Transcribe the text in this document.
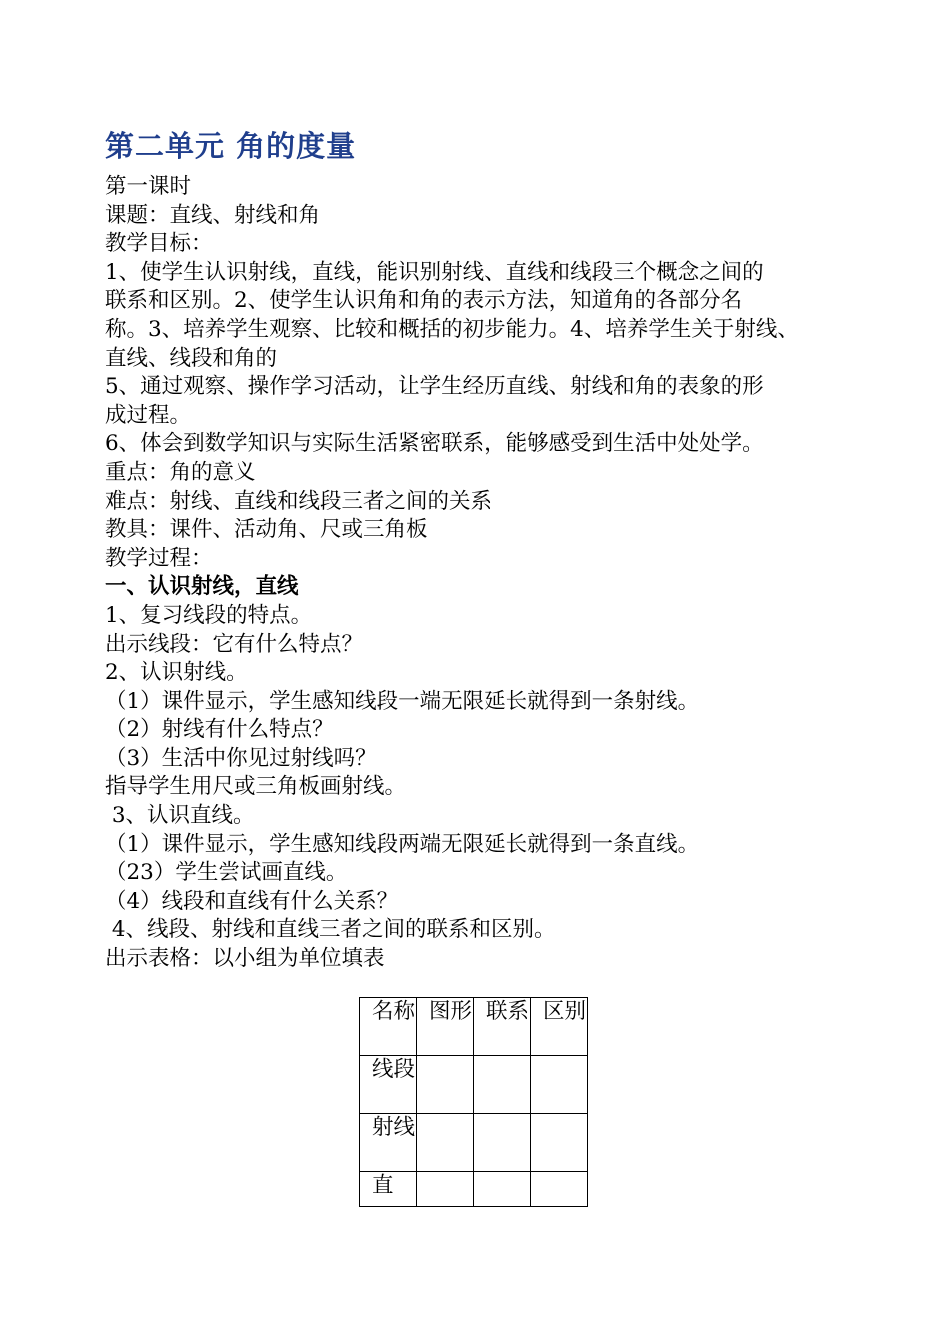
第二单元 角的度量
第一课时
课题：直线、射线和角
教学目标：
1、使学生认识射线，直线，能识别射线、直线和线段三个概念之间的
联系和区别。2、使学生认识角和角的表示方法，知道角的各部分名
称。3、培养学生观察、比较和概括的初步能力。4、培养学生关于射线、
直线、线段和角的
5、通过观察、操作学习活动，让学生经历直线、射线和角的表象的形
成过程。
6、体会到数学知识与实际生活紧密联系，能够感受到生活中处处学。
重点：角的意义
难点：射线、直线和线段三者之间的关系
教具：课件、活动角、尺或三角板
教学过程：
一、认识射线，直线
1、复习线段的特点。
出示线段：它有什么特点？
2、认识射线。
（1）课件显示，学生感知线段一端无限延长就得到一条射线。
（2）射线有什么特点？
（3）生活中你见过射线吗？
指导学生用尺或三角板画射线。
3、认识直线。
（1）课件显示，学生感知线段两端无限延长就得到一条直线。
（23）学生尝试画直线。
（4）线段和直线有什么关系？
4、线段、射线和直线三者之间的联系和区别。
出示表格：以小组为单位填表
名称	图形	联系	区别
线段			
射线			
直			
